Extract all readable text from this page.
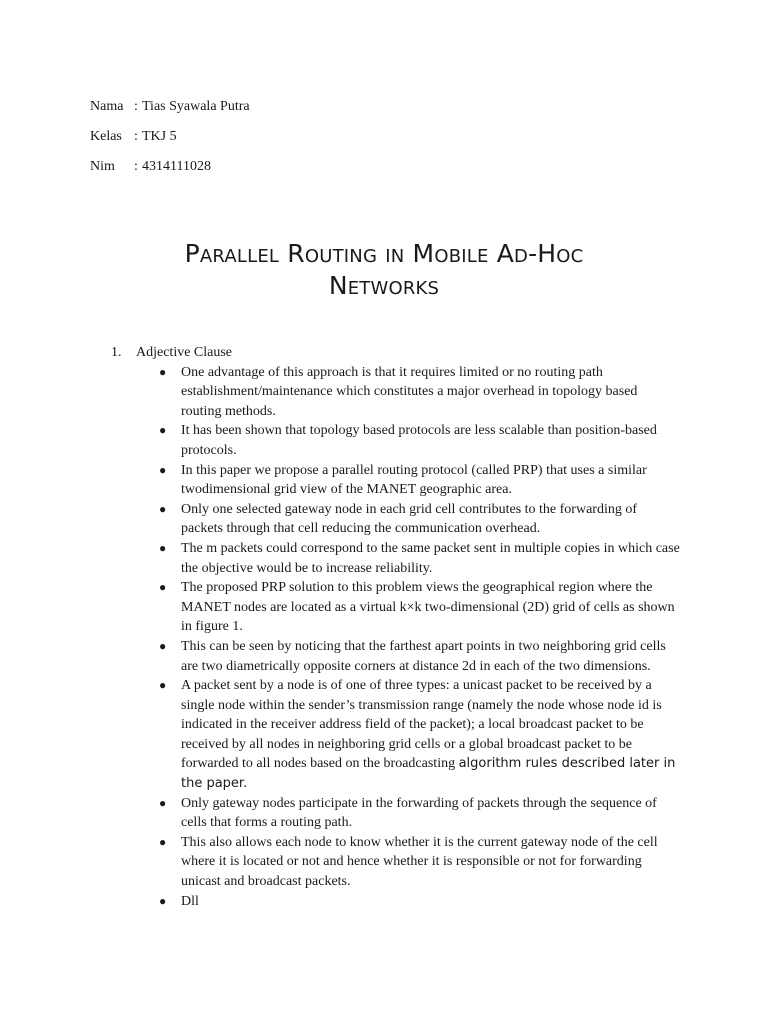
Nama : Tias Syawala Putra
Kelas : TKJ 5
Nim	: 4314111028
Parallel Routing in Mobile Ad-Hoc
Networks
1.	Adjective Clause
● One advantage of this approach is that it requires limited or no routing path establishment/maintenance which constitutes a major overhead in topology based routing methods.
● It has been shown that topology based protocols are less scalable than position-based protocols.
● In this paper we propose a parallel routing protocol (called PRP) that uses a similar twodimensional grid view of the MANET geographic area.
● Only one selected gateway node in each grid cell contributes to the forwarding of packets through that cell reducing the communication overhead.
● The m packets could correspond to the same packet sent in multiple copies in which case the objective would be to increase reliability.
● The proposed PRP solution to this problem views the geographical region where the MANET nodes are located as a virtual k×k two-dimensional (2D) grid of cells as shown in figure 1.
● This can be seen by noticing that the farthest apart points in two neighboring grid cells are two diametrically opposite corners at distance 2d in each of the two dimensions.
● A packet sent by a node is of one of three types: a unicast packet to be received by a single node within the sender’s transmission range (namely the node whose node id is indicated in the receiver address field of the packet); a local broadcast packet to be received by all nodes in neighboring grid cells or a global broadcast packet to be forwarded to all nodes based on the broadcasting algorithm rules described later in the paper.
● Only gateway nodes participate in the forwarding of packets through the sequence of cells that forms a routing path.
● This also allows each node to know whether it is the current gateway node of the cell where it is located or not and hence whether it is responsible or not for forwarding unicast and broadcast packets.
● Dll
